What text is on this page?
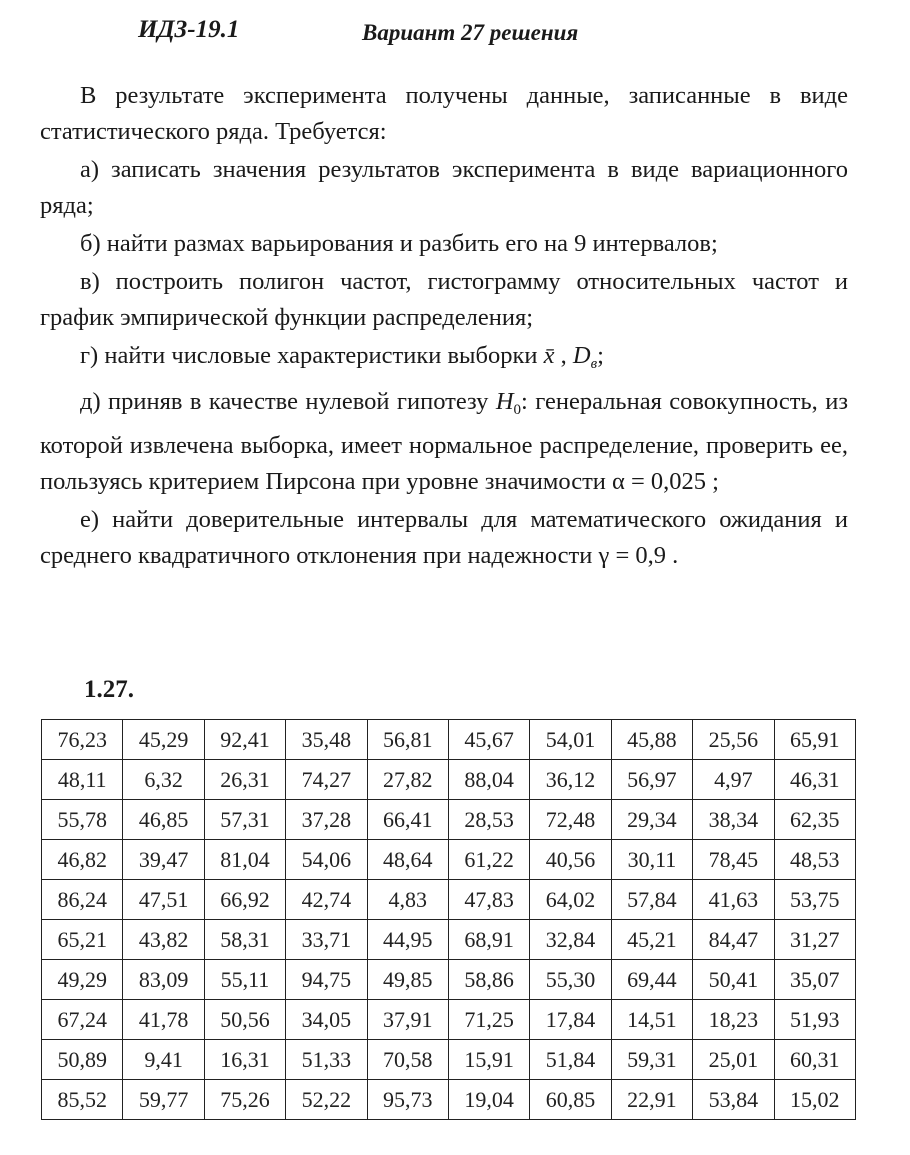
ИДЗ-19.1	Вариант 27 решения

В результате эксперимента получены данные, записанные в виде статистического ряда. Требуется:

а) записать значения результатов эксперимента в виде вариационного ряда;

б) найти размах варьирования и разбить его на 9 интервалов;

в) построить полигон частот, гистограмму относительных частот и график эмпирической функции распределения;

г) найти числовые характеристики выборки x̄ , $D_в$;

д) приняв в качестве нулевой гипотезу $H_0$: генеральная совокупность, из которой извлечена выборка, имеет нормальное распределение, проверить ее, пользуясь критерием Пирсона при уровне значимости α = 0,025 ;

е) найти доверительные интервалы для математического ожидания и среднего квадратичного отклонения при надежности γ = 0,9 .

1.27.
76,23	45,29	92,41	35,48	56,81	45,67	54,01	45,88	25,56	65,91
48,11	6,32	26,31	74,27	27,82	88,04	36,12	56,97	4,97	46,31
55,78	46,85	57,31	37,28	66,41	28,53	72,48	29,34	38,34	62,35
46,82	39,47	81,04	54,06	48,64	61,22	40,56	30,11	78,45	48,53
86,24	47,51	66,92	42,74	4,83	47,83	64,02	57,84	41,63	53,75
65,21	43,82	58,31	33,71	44,95	68,91	32,84	45,21	84,47	31,27
49,29	83,09	55,11	94,75	49,85	58,86	55,30	69,44	50,41	35,07
67,24	41,78	50,56	34,05	37,91	71,25	17,84	14,51	18,23	51,93
50,89	9,41	16,31	51,33	70,58	15,91	51,84	59,31	25,01	60,31
85,52	59,77	75,26	52,22	95,73	19,04	60,85	22,91	53,84	15,02
